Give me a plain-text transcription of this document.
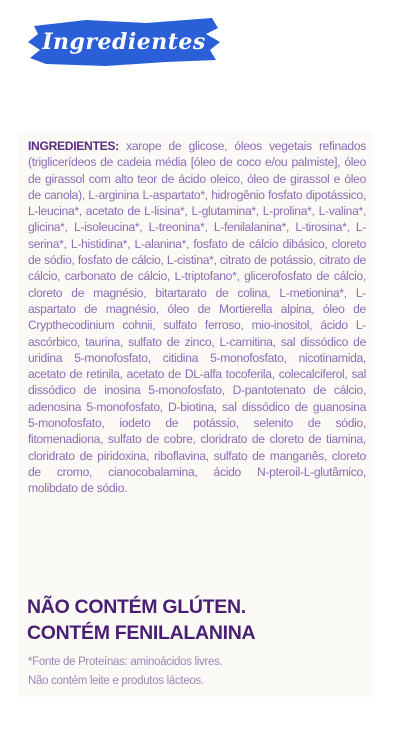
Ingredientes
INGREDIENTES: xarope de glicose, óleos vegetais refinados (triglicerídeos de cadeia média [óleo de coco e/ou palmiste], óleo de girassol com alto teor de ácido oleico, óleo de girassol e óleo de canola), L-arginina L-aspartato*, hidrogênio fosfato dipotássico, L-leucina*, acetato de L-lisina*, L-glutamina*, L-prolina*, L-valina*, glicina*, L-isoleucina*, L-treonina*, L-fenilalanina*, L-tirosina*, L-serina*, L-histidina*, L-alanina*, fosfato de cálcio dibásico, cloreto de sódio, fosfato de cálcio, L-cistina*, citrato de potássio, citrato de cálcio, carbonato de cálcio, L-triptofano*, glicerofosfato de cálcio, cloreto de magnésio, bitartarato de colina, L-metionina*, L-aspartato de magnésio, óleo de Mortierella alpina, óleo de Crypthecodinium cohnii, sulfato ferroso, mio-inositol, ácido L-ascórbico, taurina, sulfato de zinco, L-carnitina, sal dissódico de uridina 5-monofosfato, citidina 5-monofosfato, nicotinamida, acetato de retinila, acetato de DL-alfa tocoferila, colecalciferol, sal dissódico de inosina 5-monofosfato, D-pantotenato de cálcio, adenosina 5-monofosfato, D-biotina, sal dissódico de guanosina 5-monofosfato, iodeto de potássio, selenito de sódio, fitomenadiona, sulfato de cobre, cloridrato de cloreto de tiamina, cloridrato de piridoxina, riboflavina, sulfato de manganês, cloreto de cromo, cianocobalamina, ácido N-pteroil-L-glutâmico, molibdato de sódio.
NÃO CONTÉM GLÚTEN.
CONTÉM FENILALANINA
*Fonte de Proteínas: aminoácidos livres.
Não contém leite e produtos lácteos.
